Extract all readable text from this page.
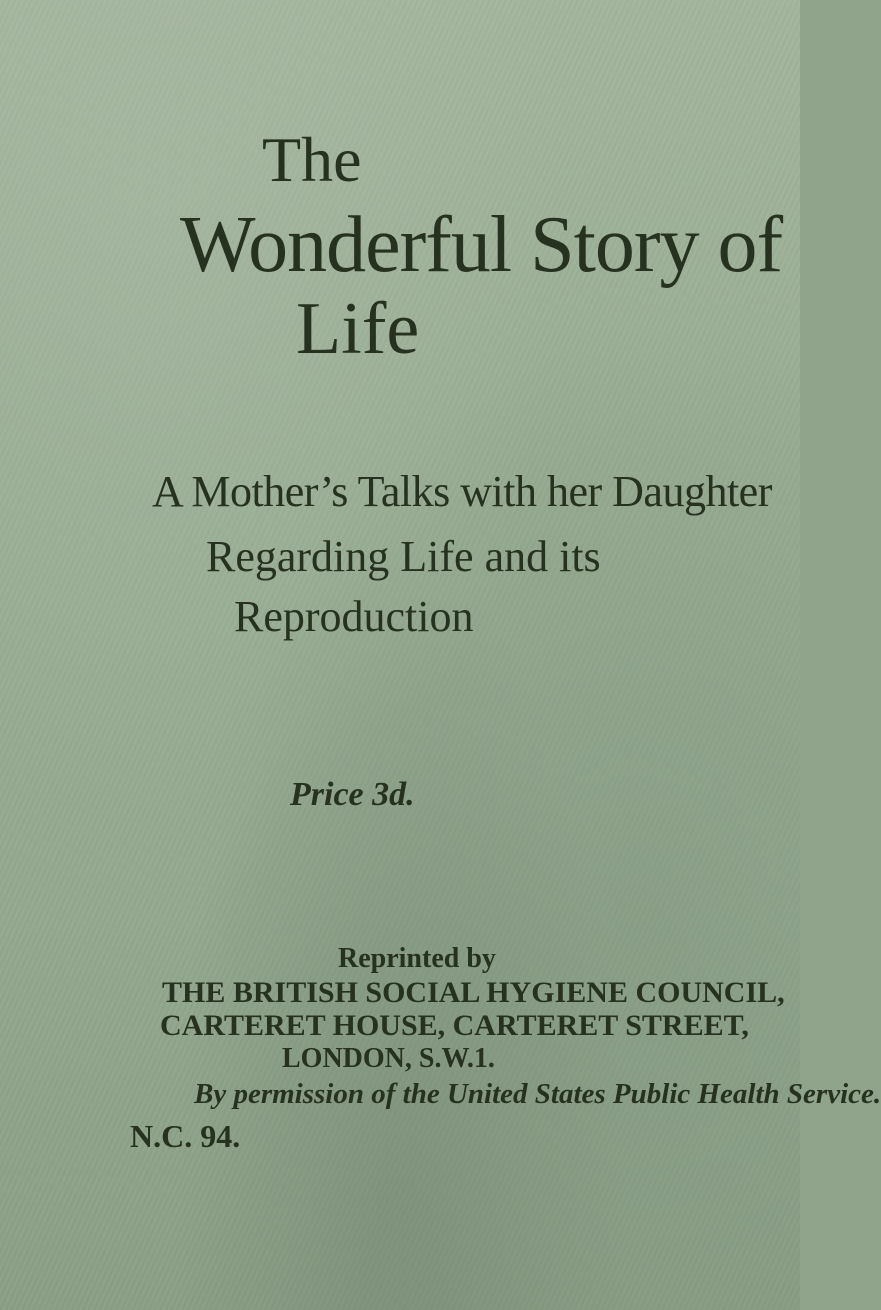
The
Wonderful Story of
Life
A Mother’s Talks with her Daughter
Regarding Life and its
Reproduction

Price 3d.

Reprinted by

THE BRITISH SOCIAL HYGIENE COUNCIL,

CARTERET HOUSE, CARTERET STREET,

LONDON, S.W.1.

By permission of the United States Public Health Service.

N.C. 94.
